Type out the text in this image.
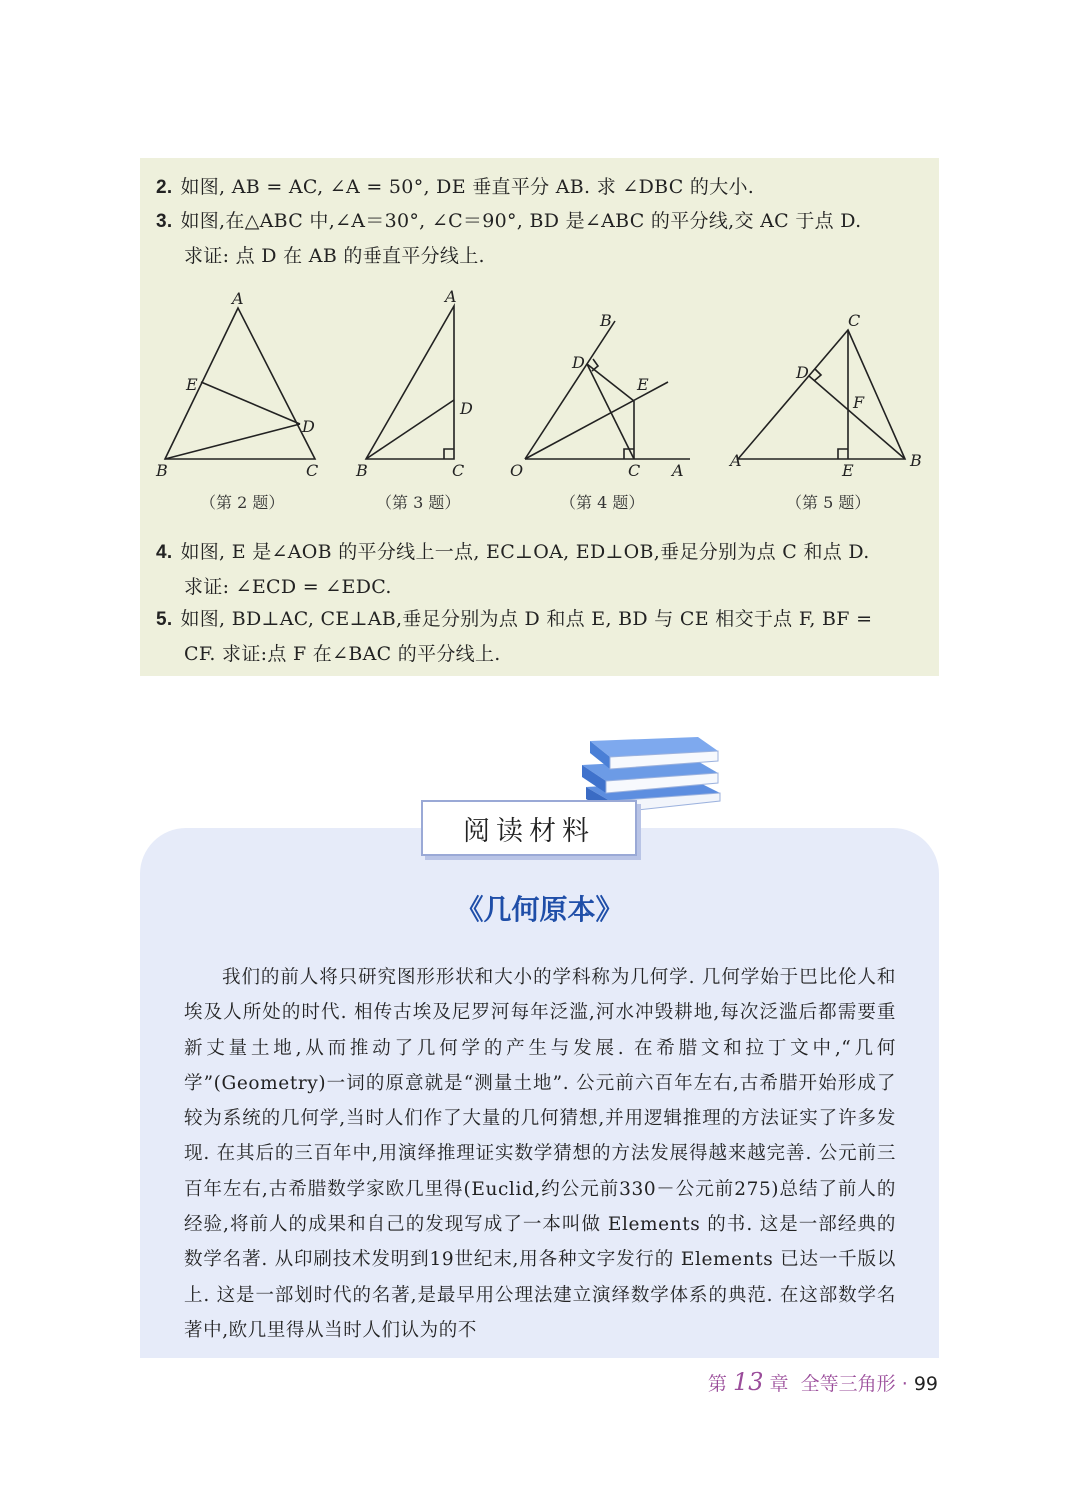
2. 如图, AB = AC, ∠A = 50°, DE 垂直平分 AB. 求 ∠DBC 的大小.
3. 如图,在△ABC 中,∠A＝30°, ∠C＝90°, BD 是∠ABC 的平分线,交 AC 于点 D.
求证: 点 D 在 AB 的垂直平分线上.
A
B	C
D
E
A
B	C
D
O	A
B
C
D
E
A	B
C
D
E
F
（第 2 题）	（第 3 题）	（第 4 题）	（第 5 题）
4. 如图, E 是∠AOB 的平分线上一点, EC⊥OA, ED⊥OB,垂足分别为点 C 和点 D.
求证: ∠ECD = ∠EDC.
5. 如图, BD⊥AC, CE⊥AB,垂足分别为点 D 和点 E, BD 与 CE 相交于点 F, BF =
CF. 求证:点 F 在∠BAC 的平分线上.
阅读材料
《几何原本》
我们的前人将只研究图形形状和大小的学科称为几何学. 几何学始于巴比伦人和埃及人所处的时代. 相传古埃及尼罗河每年泛滥,河水冲毁耕地,每次泛滥后都需要重新丈量土地,从而推动了几何学的产生与发展. 在希腊文和拉丁文中,“几何学”(Geometry)一词的原意就是“测量土地”. 公元前六百年左右,古希腊开始形成了较为系统的几何学,当时人们作了大量的几何猜想,并用逻辑推理的方法证实了许多发现. 在其后的三百年中,用演绎推理证实数学猜想的方法发展得越来越完善. 公元前三百年左右,古希腊数学家欧几里得(Euclid,约公元前330－公元前275)总结了前人的经验,将前人的成果和自己的发现写成了一本叫做 Elements 的书. 这是一部经典的数学名著. 从印刷技术发明到19世纪末,用各种文字发行的 Elements 已达一千版以上. 这是一部划时代的名著,是最早用公理法建立演绎数学体系的典范. 在这部数学名著中,欧几里得从当时人们认为的不
第 13 章 全等三角形 · 99
